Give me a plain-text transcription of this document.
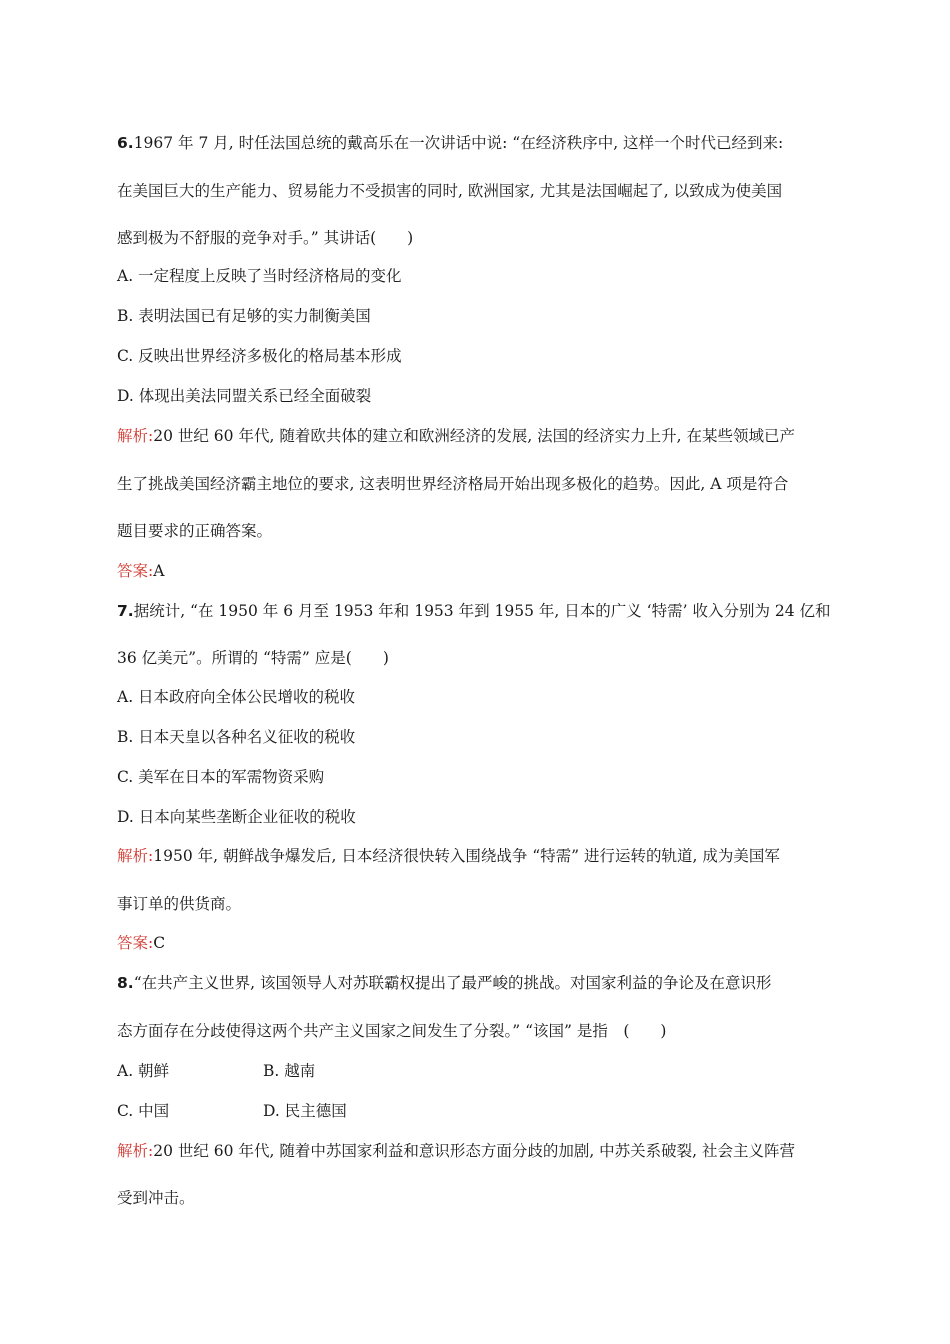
6.1967 年 7 月, 时任法国总统的戴高乐在一次讲话中说: “在经济秩序中, 这样一个时代已经到来:
在美国巨大的生产能力、贸易能力不受损害的同时, 欧洲国家, 尤其是法国崛起了, 以致成为使美国
感到极为不舒服的竞争对手。” 其讲话(　　)
A. 一定程度上反映了当时经济格局的变化
B. 表明法国已有足够的实力制衡美国
C. 反映出世界经济多极化的格局基本形成
D. 体现出美法同盟关系已经全面破裂
解析:20 世纪 60 年代, 随着欧共体的建立和欧洲经济的发展, 法国的经济实力上升, 在某些领域已产
生了挑战美国经济霸主地位的要求, 这表明世界经济格局开始出现多极化的趋势。因此, A 项是符合
题目要求的正确答案。
答案:A
7.据统计, “在 1950 年 6 月至 1953 年和 1953 年到 1955 年, 日本的广义 ‘特需’ 收入分别为 24 亿和
36 亿美元”。所谓的 “特需” 应是(　　)
A. 日本政府向全体公民增收的税收
B. 日本天皇以各种名义征收的税收
C. 美军在日本的军需物资采购
D. 日本向某些垄断企业征收的税收
解析:1950 年, 朝鲜战争爆发后, 日本经济很快转入围绕战争 “特需” 进行运转的轨道, 成为美国军
事订单的供货商。
答案:C
8.“在共产主义世界, 该国领导人对苏联霸权提出了最严峻的挑战。对国家利益的争论及在意识形
态方面存在分歧使得这两个共产主义国家之间发生了分裂。” “该国” 是指　(　　)
A. 朝鲜	B. 越南
C. 中国	D. 民主德国
解析:20 世纪 60 年代, 随着中苏国家利益和意识形态方面分歧的加剧, 中苏关系破裂, 社会主义阵营
受到冲击。
